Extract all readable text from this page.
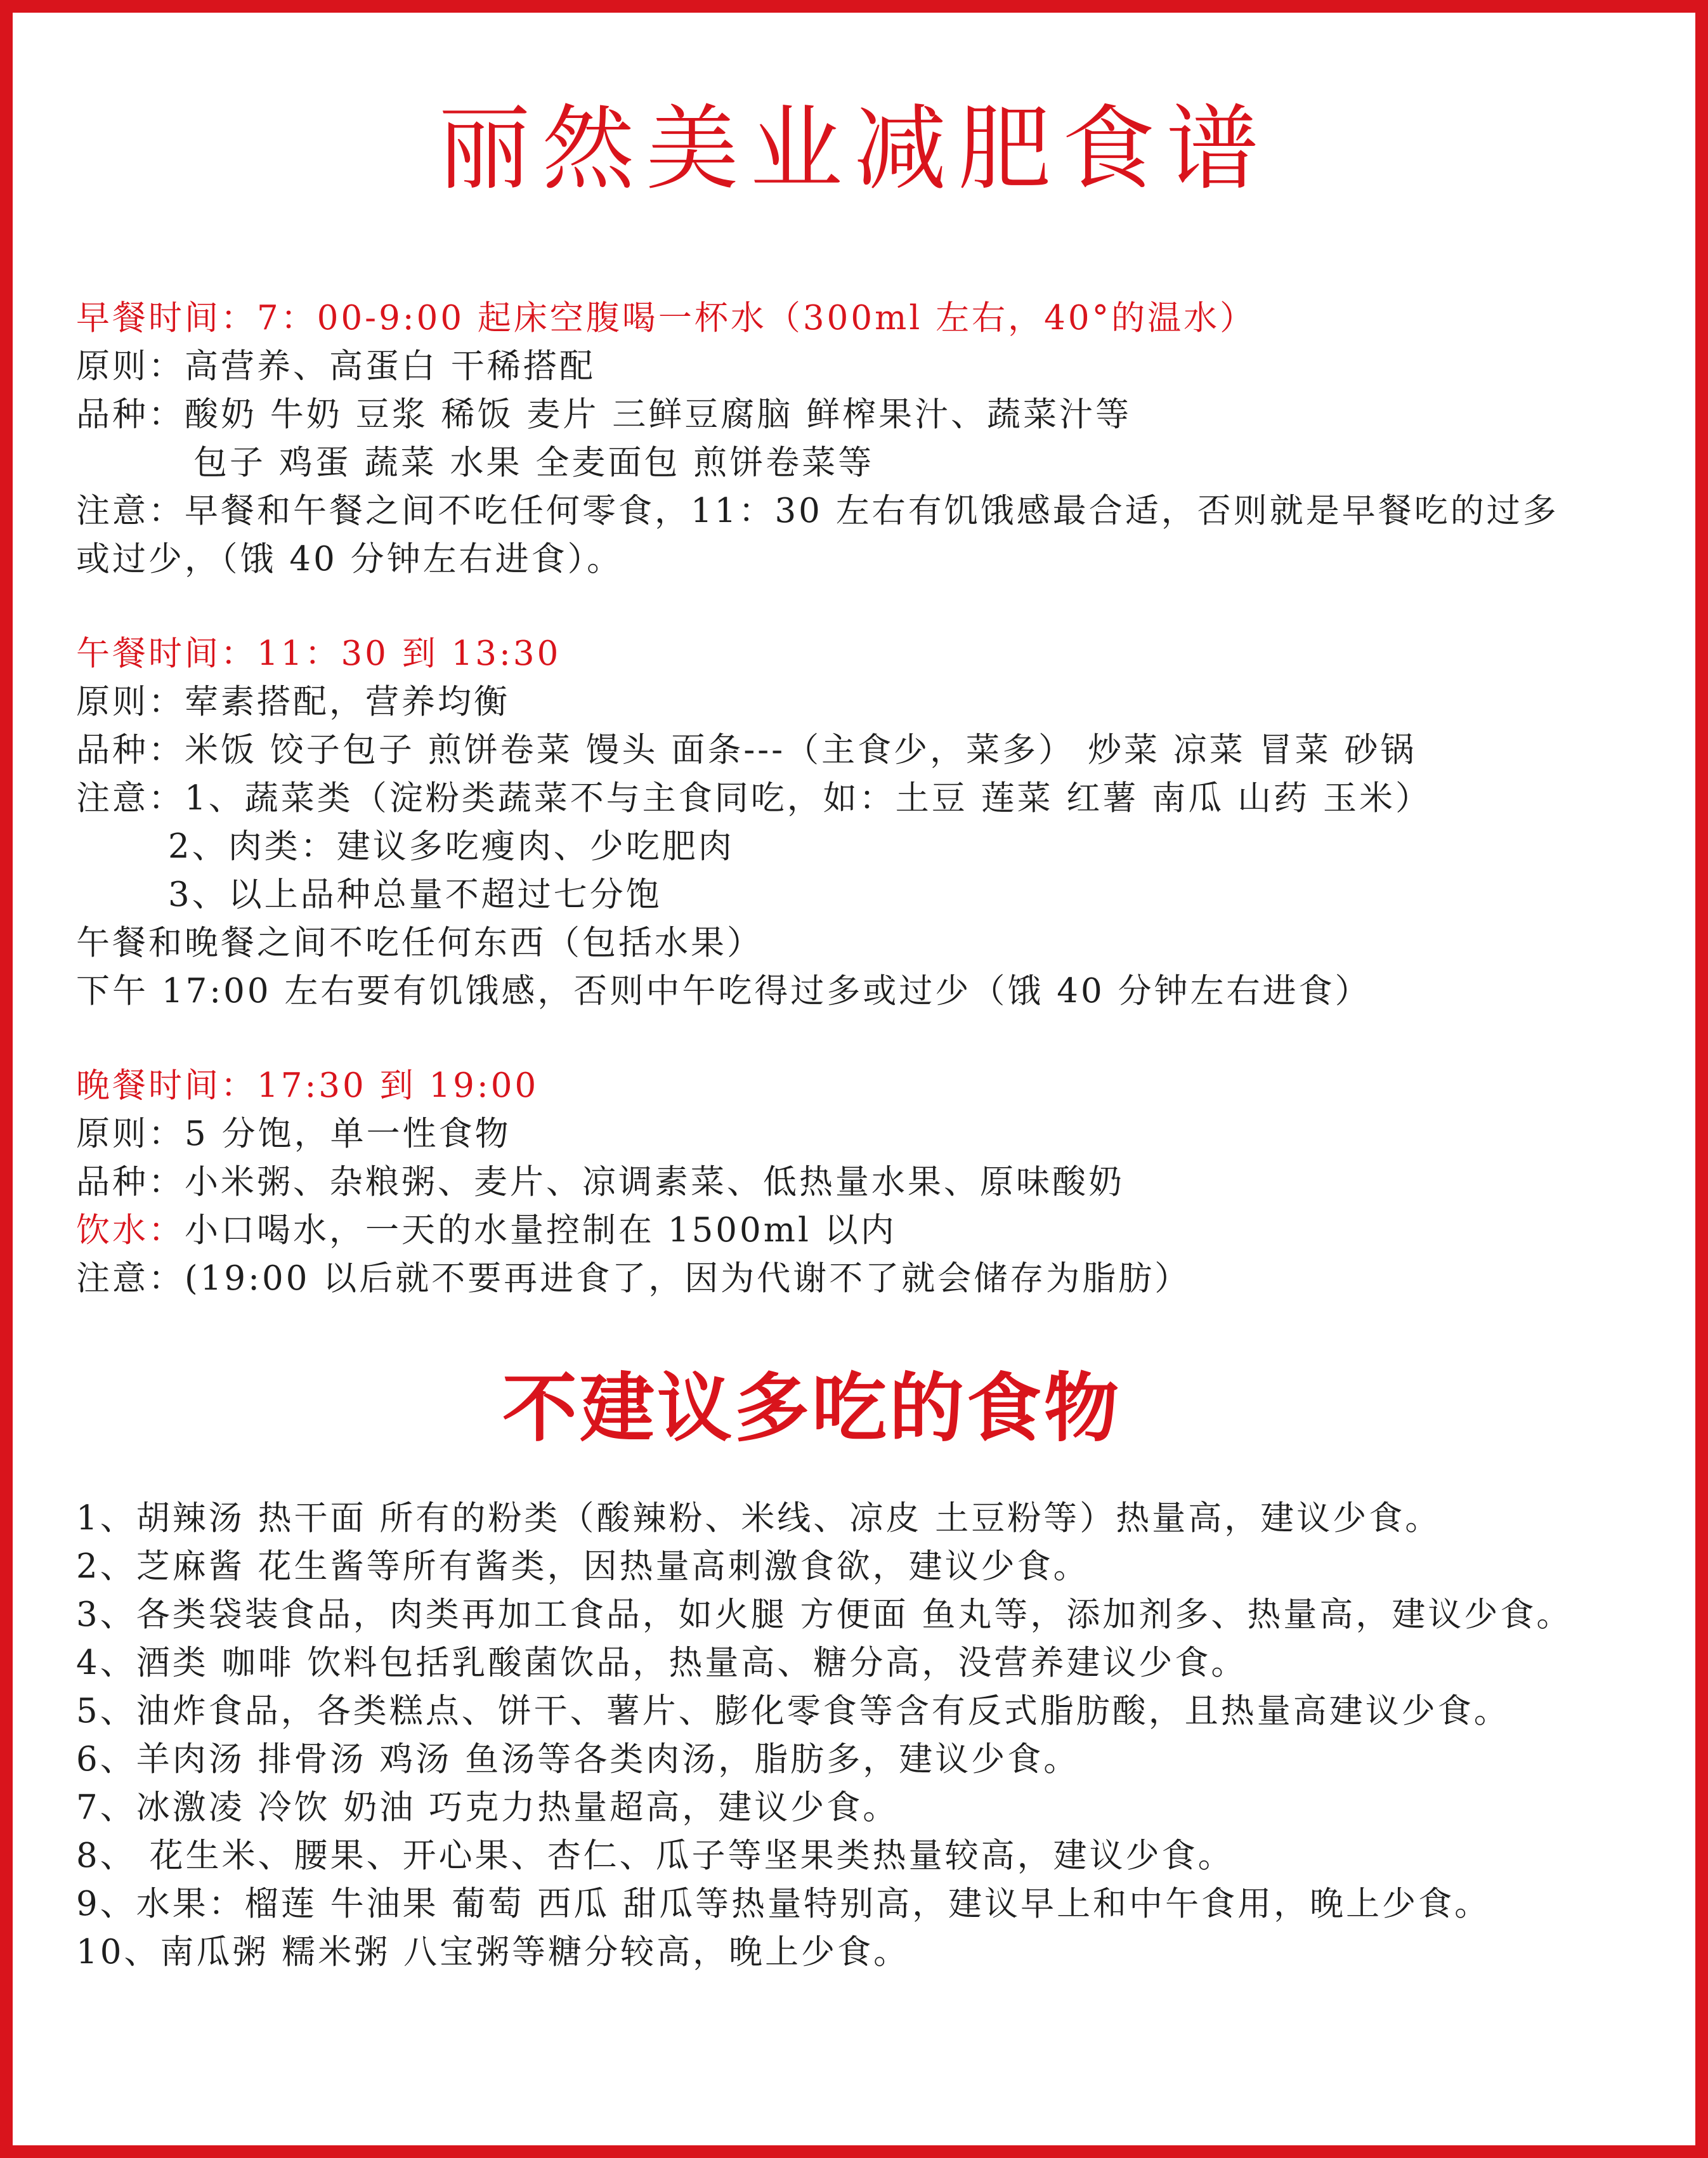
丽然美业减肥食谱
早餐时间：7：00-9:00 起床空腹喝一杯水（300ml 左右，40°的温水）
原则：高营养、高蛋白 干稀搭配
品种：酸奶 牛奶 豆浆 稀饭 麦片 三鲜豆腐脑 鲜榨果汁、蔬菜汁等
包子 鸡蛋 蔬菜 水果 全麦面包 煎饼卷菜等
注意：早餐和午餐之间不吃任何零食，11：30 左右有饥饿感最合适，否则就是早餐吃的过多
或过少，（饿 40 分钟左右进食）。
午餐时间：11：30 到 13:30
原则：荤素搭配，营养均衡
品种：米饭 饺子包子 煎饼卷菜 馒头 面条---（主食少，菜多） 炒菜 凉菜 冒菜 砂锅
注意：1、蔬菜类（淀粉类蔬菜不与主食同吃，如：土豆 莲菜 红薯 南瓜 山药 玉米）
2、肉类：建议多吃瘦肉、少吃肥肉
3、以上品种总量不超过七分饱
午餐和晚餐之间不吃任何东西（包括水果）
下午 17:00 左右要有饥饿感，否则中午吃得过多或过少（饿 40 分钟左右进食）
晚餐时间：17:30 到 19:00
原则：5 分饱，单一性食物
品种：小米粥、杂粮粥、麦片、凉调素菜、低热量水果、原味酸奶
饮水：小口喝水，一天的水量控制在 1500ml 以内
注意：(19:00 以后就不要再进食了，因为代谢不了就会储存为脂肪）
1、胡辣汤 热干面 所有的粉类（酸辣粉、米线、凉皮 土豆粉等）热量高，建议少食。
2、芝麻酱 花生酱等所有酱类，因热量高刺激食欲，建议少食。
3、各类袋装食品，肉类再加工食品，如火腿 方便面 鱼丸等，添加剂多、热量高，建议少食。
4、酒类 咖啡 饮料包括乳酸菌饮品，热量高、糖分高，没营养建议少食。
5、油炸食品，各类糕点、饼干、薯片、膨化零食等含有反式脂肪酸，且热量高建议少食。
6、羊肉汤 排骨汤 鸡汤 鱼汤等各类肉汤，脂肪多，建议少食。
7、冰激凌 冷饮 奶油 巧克力热量超高，建议少食。
8、 花生米、腰果、开心果、杏仁、瓜子等坚果类热量较高，建议少食。
9、水果：榴莲 牛油果 葡萄 西瓜 甜瓜等热量特别高，建议早上和中午食用，晚上少食。
10、南瓜粥 糯米粥 八宝粥等糖分较高，晚上少食。
不建议多吃的食物
